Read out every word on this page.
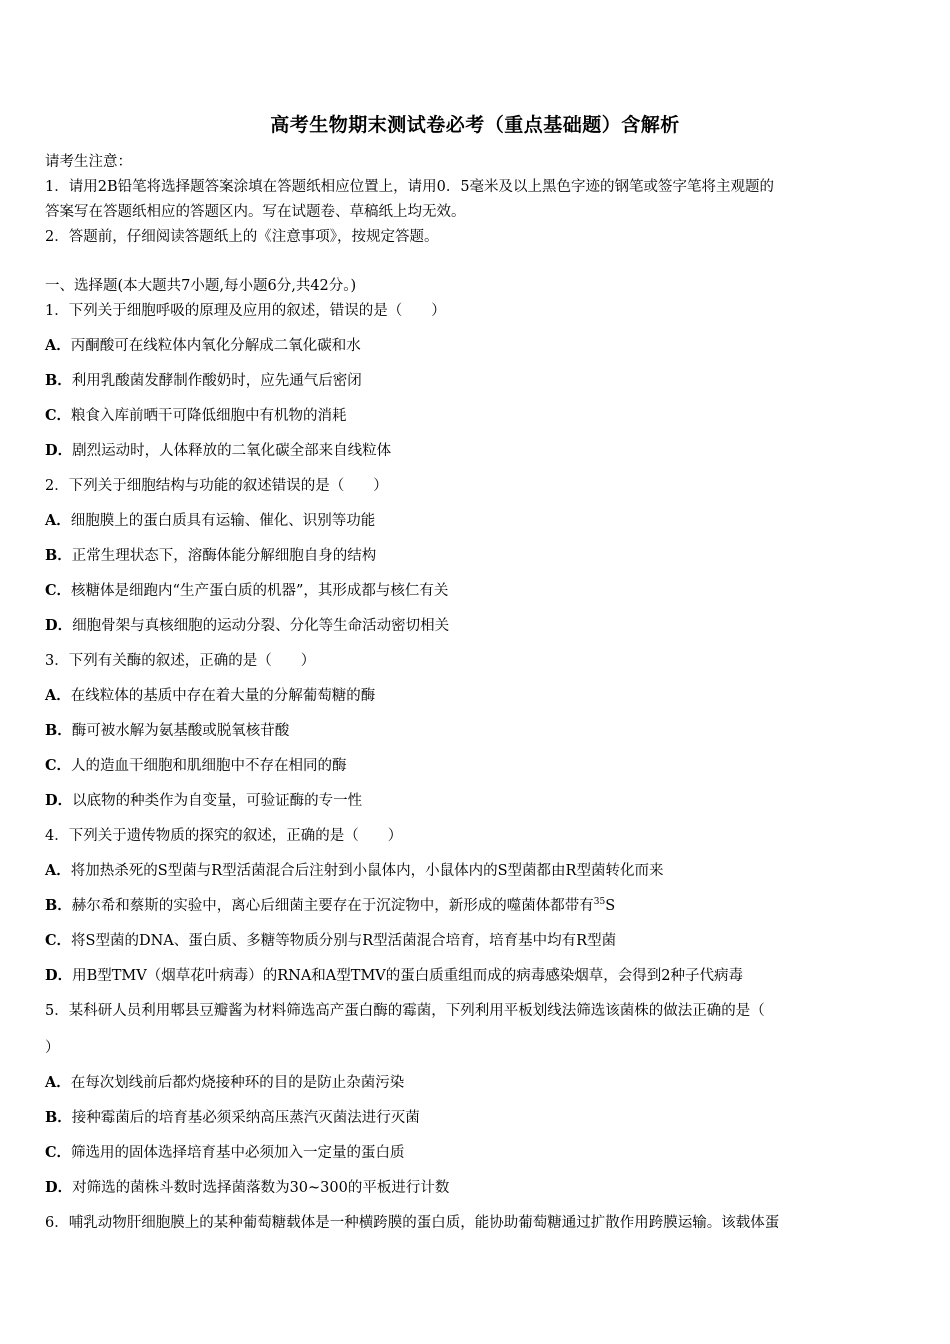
高考生物期末测试卷必考（重点基础题）含解析
请考生注意：
1．请用2B铅笔将选择题答案涂填在答题纸相应位置上，请用0．5毫米及以上黑色字迹的钢笔或签字笔将主观题的
答案写在答题纸相应的答题区内。写在试题卷、草稿纸上均无效。
2．答题前，仔细阅读答题纸上的《注意事项》，按规定答题。
一、选择题(本大题共7小题,每小题6分,共42分。)
1．下列关于细胞呼吸的原理及应用的叙述，错误的是（　　）
A．丙酮酸可在线粒体内氧化分解成二氧化碳和水
B．利用乳酸菌发酵制作酸奶时，应先通气后密闭
C．粮食入库前晒干可降低细胞中有机物的消耗
D．剧烈运动时，人体释放的二氧化碳全部来自线粒体
2．下列关于细胞结构与功能的叙述错误的是（　　）
A．细胞膜上的蛋白质具有运输、催化、识别等功能
B．正常生理状态下，溶酶体能分解细胞自身的结构
C．核糖体是细跑内“生产蛋白质的机器”，其形成都与核仁有关
D．细胞骨架与真核细胞的运动分裂、分化等生命活动密切相关
3．下列有关酶的叙述，正确的是（　　）
A．在线粒体的基质中存在着大量的分解葡萄糖的酶
B．酶可被水解为氨基酸或脱氧核苷酸
C．人的造血干细胞和肌细胞中不存在相同的酶
D．以底物的种类作为自变量，可验证酶的专一性
4．下列关于遗传物质的探究的叙述，正确的是（　　）
A．将加热杀死的S型菌与R型活菌混合后注射到小鼠体内，小鼠体内的S型菌都由R型菌转化而来
B．赫尔希和蔡斯的实验中，离心后细菌主要存在于沉淀物中，新形成的噬菌体都带有$^{35}$S
C．将S型菌的DNA、蛋白质、多糖等物质分别与R型活菌混合培育，培育基中均有R型菌
D．用B型TMV（烟草花叶病毒）的RNA和A型TMV的蛋白质重组而成的病毒感染烟草，会得到2种子代病毒
5．某科研人员利用郫县豆瓣酱为材料筛选高产蛋白酶的霉菌，下列利用平板划线法筛选该菌株的做法正确的是（
）
A．在每次划线前后都灼烧接种环的目的是防止杂菌污染
B．接种霉菌后的培育基必须采纳高压蒸汽灭菌法进行灭菌
C．筛选用的固体选择培育基中必须加入一定量的蛋白质
D．对筛选的菌株斗数时选择菌落数为30~300的平板进行计数
6．哺乳动物肝细胞膜上的某种葡萄糖载体是一种横跨膜的蛋白质，能协助葡萄糖通过扩散作用跨膜运输。该载体蛋
